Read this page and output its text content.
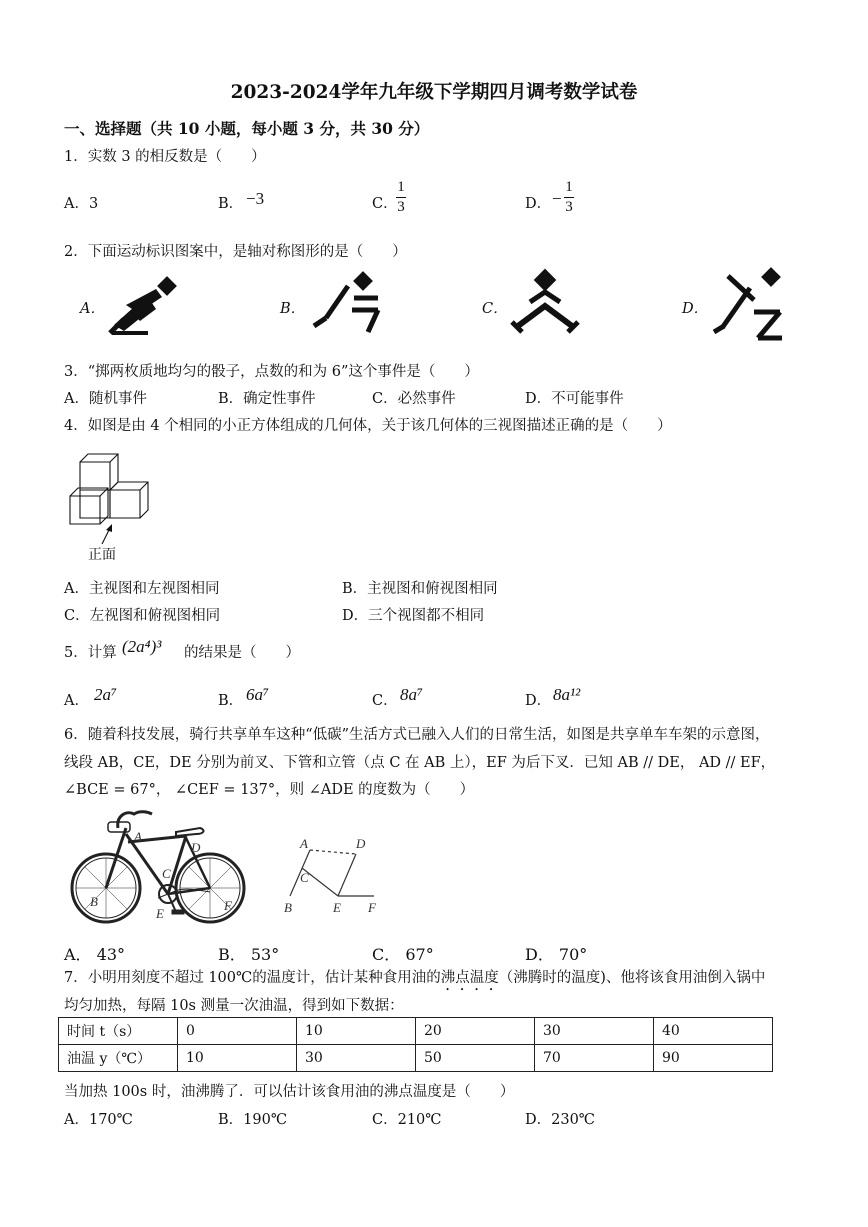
2023-2024学年九年级下学期四月调考数学试卷
一、选择题（共 10 小题，每小题 3 分，共 30 分）
1．实数 3 的相反数是（　　）
A．3	B． −3	C．
1
3	D． −
1
3
2．下面运动标识图案中，是轴对称图形的是（　　）
A．	B．	C．	D．
3．“掷两枚质地均匀的骰子，点数的和为 6”这个事件是（　　）
A．随机事件	B．确定性事件	C．必然事件	D．不可能事件
4．如图是由 4 个相同的小正方体组成的几何体，关于该几何体的三视图描述正确的是（　　）
正面
A．主视图和左视图相同	B．主视图和俯视图相同
C．左视图和俯视图相同	D．三个视图都不相同
5．计算 (2a⁴)³ 的结果是（　　）
A． 2a⁷	B． 6a⁷	C． 8a⁷	D． 8a¹²
6．随着科技发展，骑行共享单车这种“低碳”生活方式已融入人们的日常生活，如图是共享单车车架的示意图，
线段 AB，CE，DE 分别为前叉、下管和立管（点 C 在 AB 上），EF 为后下叉．已知 AB // DE， AD // EF，
∠BCE = 67°， ∠CEF = 137°，则 ∠ADE 的度数为（　　）
A
D
C
B
E
F
A	D
C
B	E F
A． 43°	B． 53°	C． 67°	D． 70°
7．小明用刻度不超过 100℃的温度计，估计某种食用油的沸点温度（沸腾时的温度)、他将该食用油倒入锅中
均匀加热，每隔 10s 测量一次油温，得到如下数据：
时间 t（s）	0	10	20	30	40
油温 y（℃）	10	30	50	70	90
当加热 100s 时，油沸腾了．可以估计该食用油的沸点温度是（　　）
A．170℃	B．190℃	C．210℃	D．230℃
